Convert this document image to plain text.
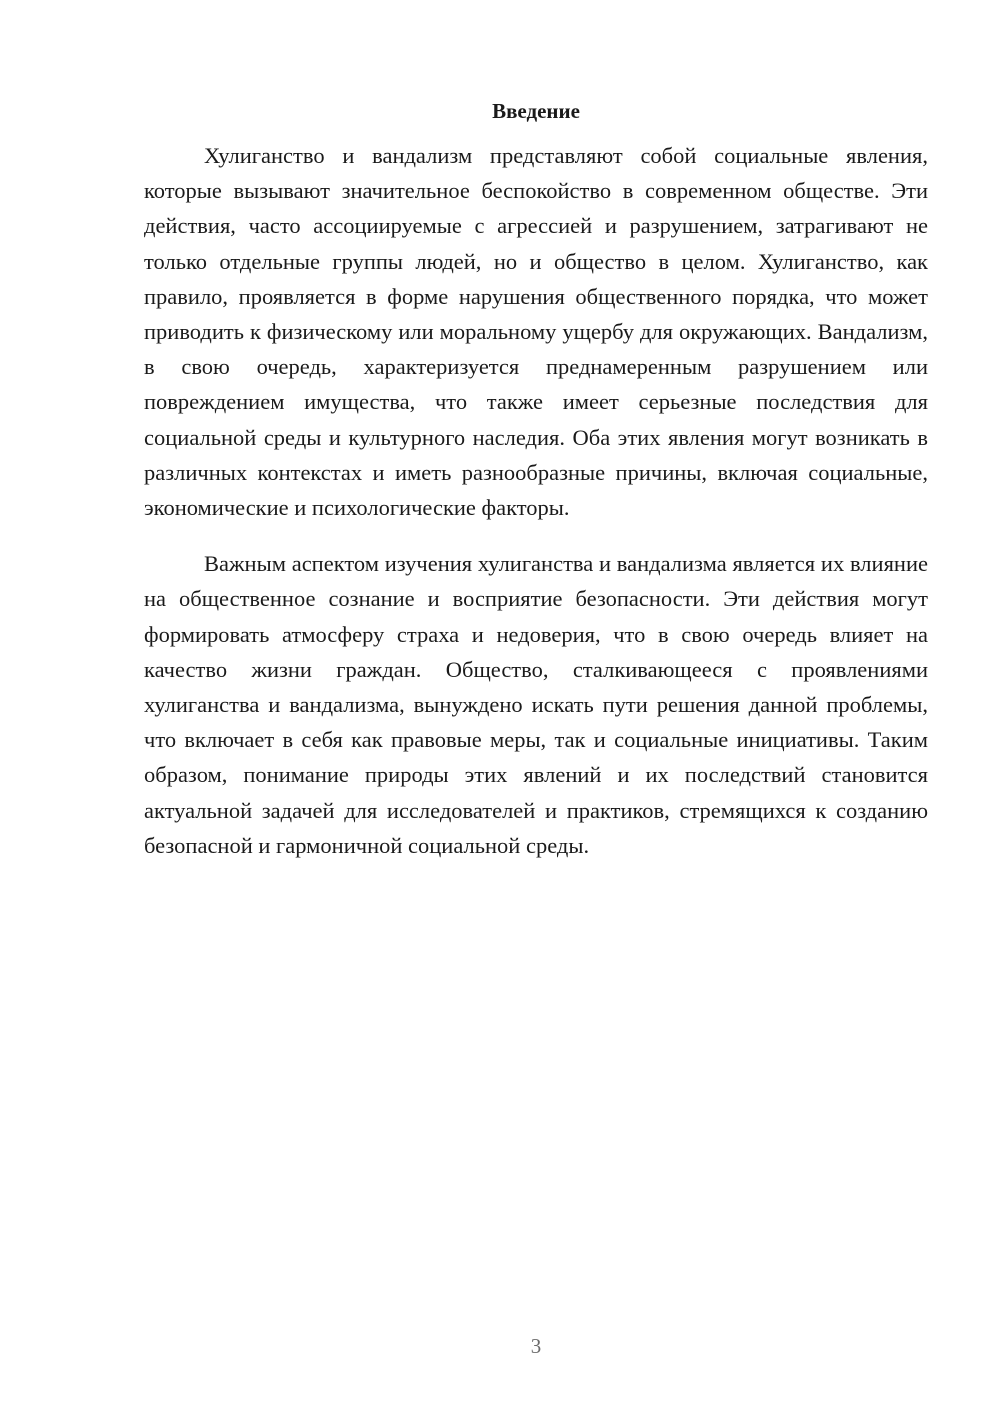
Введение

Хулиганство и вандализм представляют собой социальные явления, которые вызывают значительное беспокойство в современном обществе. Эти действия, часто ассоциируемые с агрессией и разрушением, затрагивают не только отдельные группы людей, но и общество в целом. Хулиганство, как правило, проявляется в форме нарушения общественного порядка, что может приводить к физическому или моральному ущербу для окружающих. Вандализм, в свою очередь, характеризуется преднамеренным разрушением или повреждением имущества, что также имеет серьезные последствия для социальной среды и культурного наследия. Оба этих явления могут возникать в различных контекстах и иметь разнообразные причины, включая социальные, экономические и психологические факторы.

Важным аспектом изучения хулиганства и вандализма является их влияние на общественное сознание и восприятие безопасности. Эти действия могут формировать атмосферу страха и недоверия, что в свою очередь влияет на качество жизни граждан. Общество, сталкивающееся с проявлениями хулиганства и вандализма, вынуждено искать пути решения данной проблемы, что включает в себя как правовые меры, так и социальные инициативы. Таким образом, понимание природы этих явлений и их последствий становится актуальной задачей для исследователей и практиков, стремящихся к созданию безопасной и гармоничной социальной среды.

3
